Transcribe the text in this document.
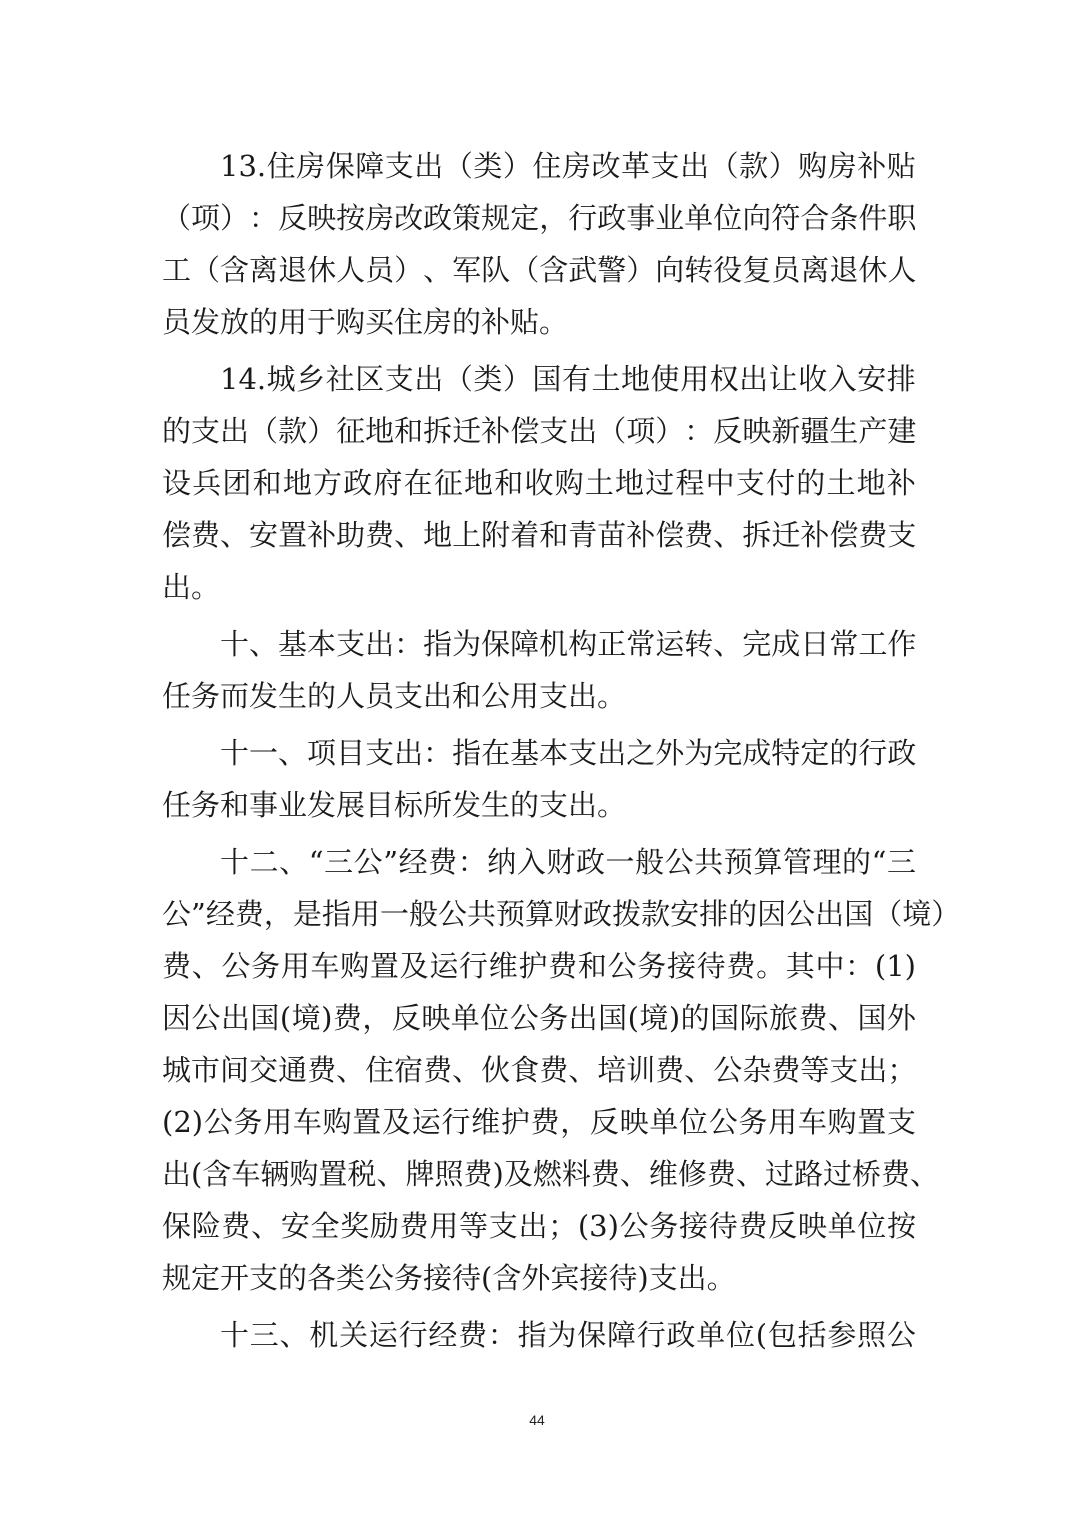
13. 住 房 保 障 支 出 （ 类 ） 住 房 改 革 支 出 （ 款 ） 购 房 补 贴
（ 项 ） ： 反 映 按 房 改 政 策 规 定 ， 行 政 事 业 单 位 向 符 合 条 件 职
工 （ 含 离 退 休 人 员 ） 、 军 队 （ 含 武 警 ） 向 转 役 复 员 离 退 休 人
员发放的用于购买住房的补贴。
14. 城 乡 社 区 支 出 （ 类 ） 国 有 土 地 使 用 权 出 让 收 入 安 排
的 支 出 （ 款 ） 征 地 和 拆 迁 补 偿 支 出 （ 项 ） ： 反 映 新 疆 生 产 建
设 兵 团 和 地 方 政 府 在 征 地 和 收 购 土 地 过 程 中 支 付 的 土 地 补
偿 费 、 安 置 补 助 费 、 地 上 附 着 和 青 苗 补 偿 费 、 拆 迁 补 偿 费 支
出。
十 、 基 本 支 出 ： 指 为 保 障 机 构 正 常 运 转 、 完 成 日 常 工 作
任务而发生的人员支出和公用支出。
十 一 、 项 目 支 出 ： 指 在 基 本 支 出 之 外 为 完 成 特 定 的 行 政
任务和事业发展目标所发生的支出。
十 二 、 “ 三 公 ” 经 费 ： 纳 入 财 政 一 般 公 共 预 算 管 理 的 “ 三
公 ” 经 费 ， 是 指 用 一 般 公 共 预 算 财 政 拨 款 安 排 的 因 公 出 国 （ 境 ）
费 、 公 务 用 车 购 置 及 运 行 维 护 费 和 公 务 接 待 费 。 其 中 ： (1)
因 公 出 国 ( 境 ) 费 ， 反 映 单 位 公 务 出 国 ( 境 ) 的 国 际 旅 费 、 国 外
城 市 间 交 通 费 、 住 宿 费 、 伙 食 费 、 培 训 费 、 公 杂 费 等 支 出 ；
(2) 公 务 用 车 购 置 及 运 行 维 护 费 ， 反 映 单 位 公 务 用 车 购 置 支
出 ( 含 车 辆 购 置 税 、 牌 照 费 ) 及 燃 料 费 、 维 修 费 、 过 路 过 桥 费 、
保 险 费 、 安 全 奖 励 费 用 等 支 出 ； (3) 公 务 接 待 费 反 映 单 位 按
规定开支的各类公务接待(含外宾接待)支出。
十 三 、 机 关 运 行 经 费 ： 指 为 保 障 行 政 单 位 ( 包 括 参 照 公
44
